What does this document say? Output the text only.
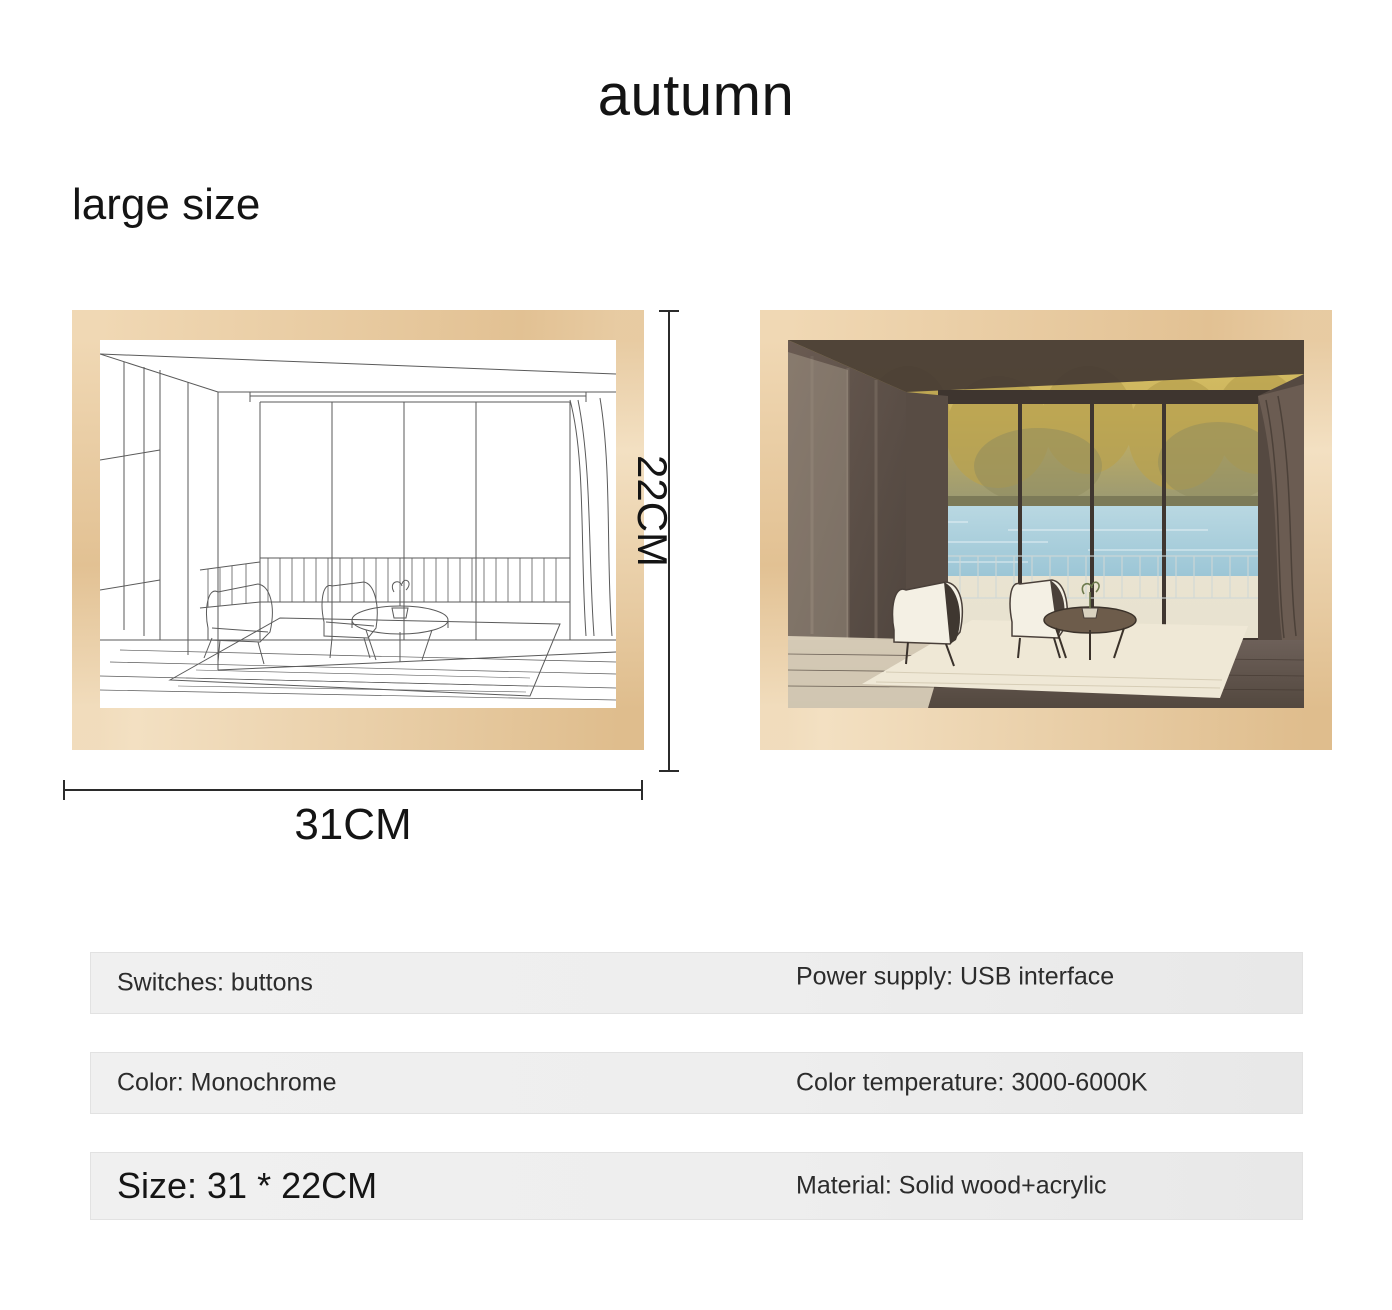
autumn
large size
22CM
31CM
Switches: buttons	Power supply: USB interface
Color: Monochrome	Color temperature: 3000-6000K
Size: 31 * 22CM	Material: Solid wood+acrylic
